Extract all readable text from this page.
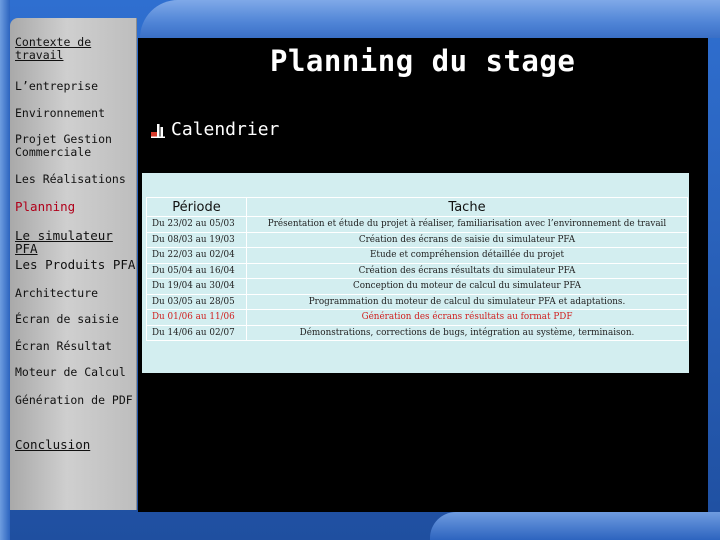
Contexte de travail
L’entreprise
Environnement
Projet Gestion Commerciale
Les Réalisations
Planning
Le simulateur PFA
Les Produits PFA
Architecture
Écran de saisie
Écran Résultat
Moteur de Calcul
Génération de PDF
Conclusion
Planning du stage
Calendrier
Période	Tache
Du 23/02 au 05/03	Présentation et étude du projet à réaliser, familiarisation avec l’environnement de travail
Du 08/03 au 19/03	Création des écrans de saisie du simulateur PFA
Du 22/03 au 02/04	Etude et compréhension détaillée du projet
Du 05/04 au 16/04	Création des écrans résultats du simulateur PFA
Du 19/04 au 30/04	Conception du moteur de calcul du simulateur PFA
Du 03/05 au 28/05	Programmation du moteur de calcul du simulateur PFA et adaptations.
Du 01/06 au 11/06	Génération des écrans résultats au format PDF
Du 14/06 au 02/07	Démonstrations, corrections de bugs, intégration au système, terminaison.
